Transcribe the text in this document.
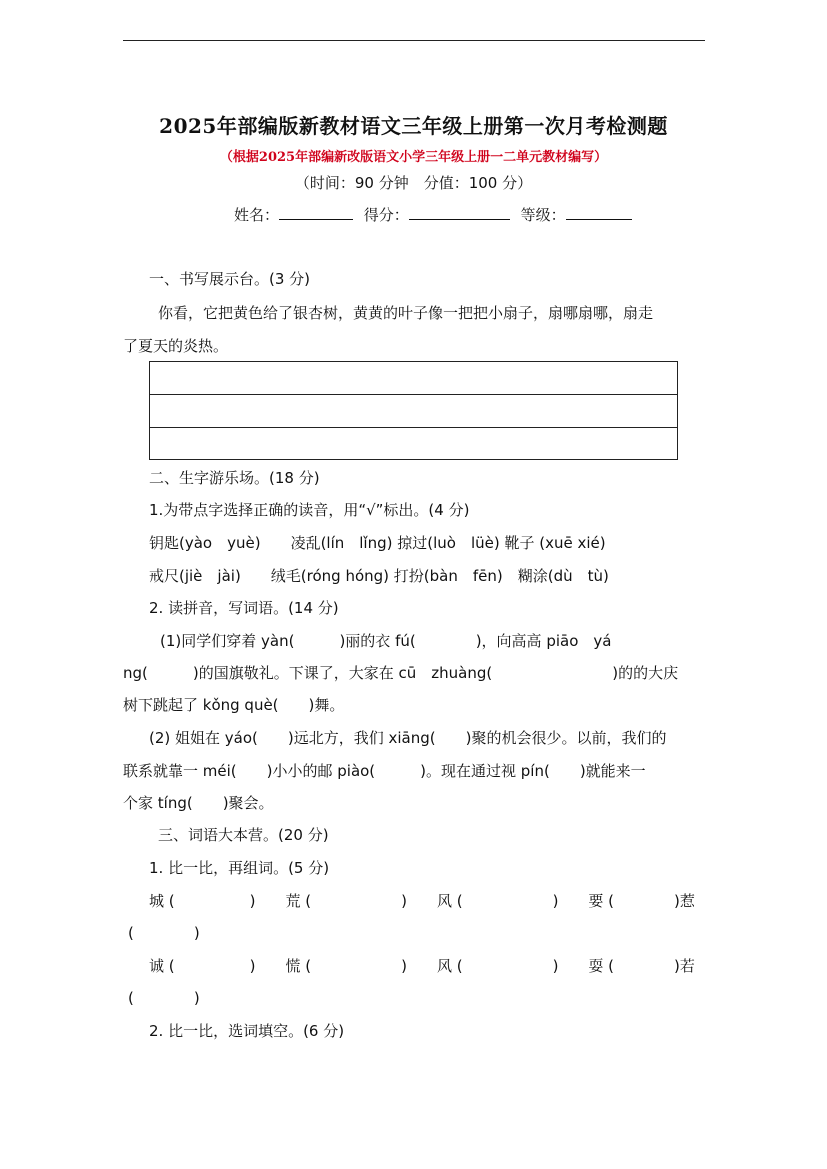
2025年部编版新教材语文三年级上册第一次月考检测题
（根据2025年部编新改版语文小学三年级上册一二单元教材编写）
（时间：90 分钟　分值：100 分）
姓名：	得分：	等级：
一、书写展示台。(3 分)
你看，它把黄色给了银杏树，黄黄的叶子像一把把小扇子，扇哪扇哪，扇走
了夏天的炎热。
二、生字游乐场。(18 分)
1.为带点字选择正确的读音，用“√”标出。(4 分)
钥匙(yào　yuè)　　凌乱(lín　lǐng) 掠过(luò　lüè) 靴子 (xuē xié)
戒尺(jiè　jài)　　绒毛(róng hóng) 打扮(bàn　fēn)　糊涂(dù　tù)
2. 读拼音，写词语。(14 分)
(1)同学们穿着 yàn(　　　)丽的衣 fú(　　　　)，向高高 piāo　yá
ng(　　　)的国旗敬礼。下课了，大家在 cū　zhuàng(　　　　　　　　)的的大庆
树下跳起了 kǒng què(　　)舞。
(2) 姐姐在 yáo(　　)远北方，我们 xiāng(　　)聚的机会很少。以前，我们的
联系就靠一 méi(　　)小小的邮 piào(　　　)。现在通过视 pín(　　)就能来一
个家 tíng(　　)聚会。
三、词语大本营。(20 分)
1. 比一比，再组词。(5 分)
城 (　　　　　)　　荒 (　　　　　　)　　风 (　　　　　　)　　要 (　　　　)惹
(　　　　)
诚 (　　　　　)　　慌 (　　　　　　)　　风 (　　　　　　)　　耍 (　　　　)若
(　　　　)
2. 比一比，选词填空。(6 分)
